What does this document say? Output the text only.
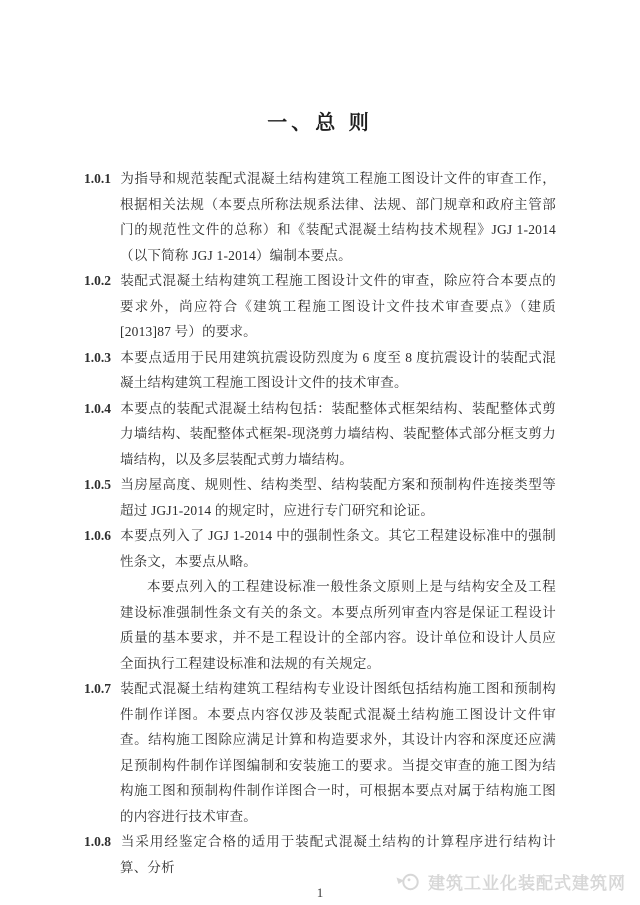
一、总 则
1.0.1 为指导和规范装配式混凝土结构建筑工程施工图设计文件的审查工作，根据相关法规（本要点所称法规系法律、法规、部门规章和政府主管部门的规范性文件的总称）和《装配式混凝土结构技术规程》JGJ 1-2014（以下简称 JGJ 1-2014）编制本要点。
1.0.2 装配式混凝土结构建筑工程施工图设计文件的审查，除应符合本要点的要求外，尚应符合《建筑工程施工图设计文件技术审查要点》（建质[2013]87 号）的要求。
1.0.3 本要点适用于民用建筑抗震设防烈度为 6 度至 8 度抗震设计的装配式混凝土结构建筑工程施工图设计文件的技术审查。
1.0.4 本要点的装配式混凝土结构包括：装配整体式框架结构、装配整体式剪力墙结构、装配整体式框架-现浇剪力墙结构、装配整体式部分框支剪力墙结构，以及多层装配式剪力墙结构。
1.0.5 当房屋高度、规则性、结构类型、结构装配方案和预制构件连接类型等超过 JGJ1-2014 的规定时，应进行专门研究和论证。
1.0.6 本要点列入了 JGJ 1-2014 中的强制性条文。其它工程建设标准中的强制性条文，本要点从略。
本要点列入的工程建设标准一般性条文原则上是与结构安全及工程建设标准强制性条文有关的条文。本要点所列审查内容是保证工程设计质量的基本要求，并不是工程设计的全部内容。设计单位和设计人员应全面执行工程建设标准和法规的有关规定。
1.0.7 装配式混凝土结构建筑工程结构专业设计图纸包括结构施工图和预制构件制作详图。本要点内容仅涉及装配式混凝土结构施工图设计文件审查。结构施工图除应满足计算和构造要求外，其设计内容和深度还应满足预制构件制作详图编制和安装施工的要求。当提交审查的施工图为结构施工图和预制构件制作详图合一时，可根据本要点对属于结构施工图的内容进行技术审查。
1.0.8 当采用经鉴定合格的适用于装配式混凝土结构的计算程序进行结构计算、分析
1	建筑工业化装配式建筑网
